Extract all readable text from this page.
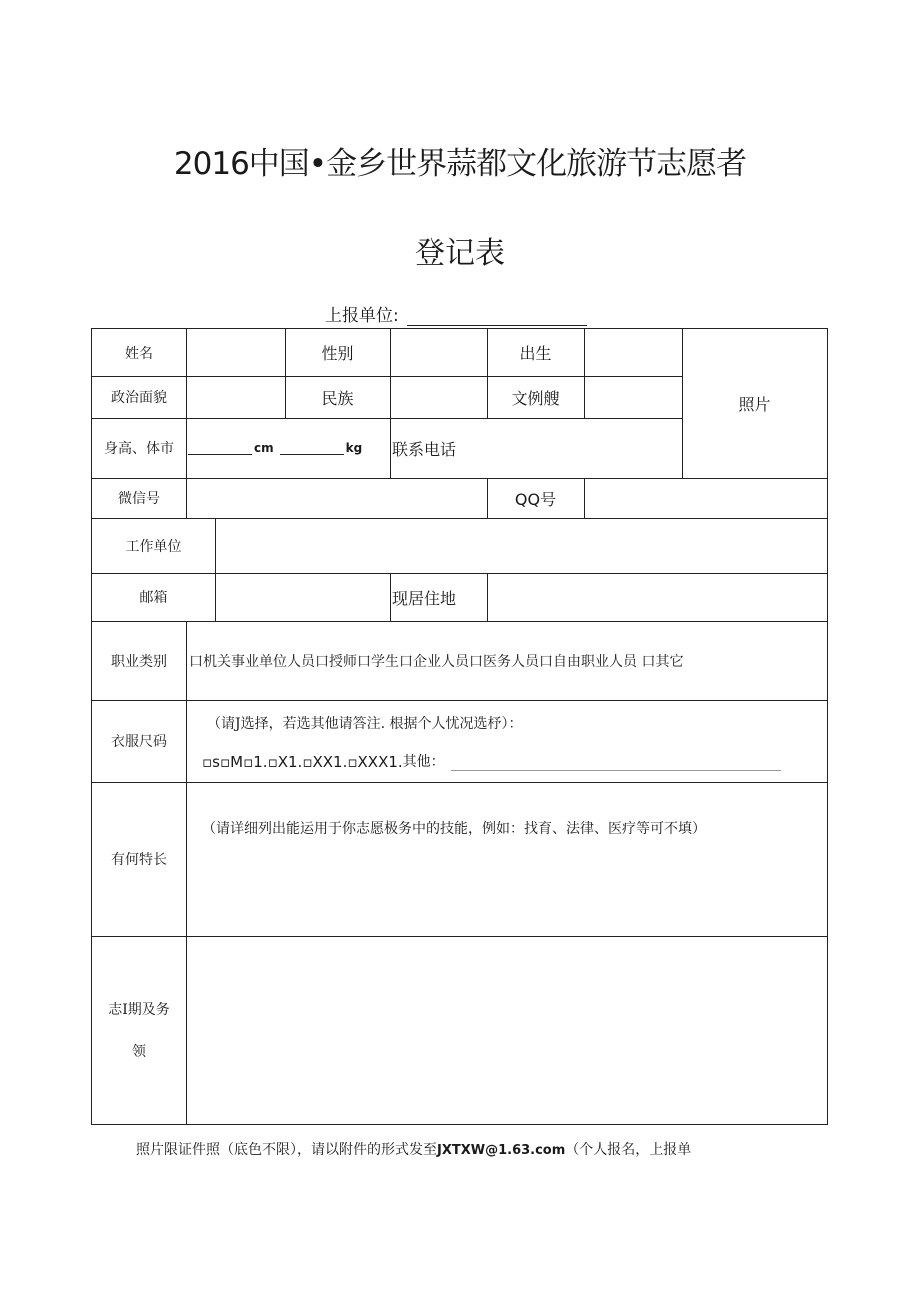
2016中国•金乡世界蒜都文化旅游节志愿者
登记表
上报单位:
姓名	性别	出生
照片
政治面貌	民族	文例艘
身高、体市	cm	kg 联系电话
微信号	QQ号
工作单位
邮箱	现居住地
职业类别	口机关事业单位人员口授师口学生口企业人员口医务人员口自由职业人员 口其它
衣服尺码
（请J选择，若选其他请答注. 根据个人忧况选杼）：
▫s▫M▫1.▫X1.▫XX1.▫XXX1. 其他：
有何特长
（请详细列出能运用于你志愿极务中的技能，例如：找育、法律、医疗等可不填）
志Ⅰ期及务
领
照片限证件照（底色不限），请以附件的形式发至JXTXW@1.63.com（个人报名，上报单
